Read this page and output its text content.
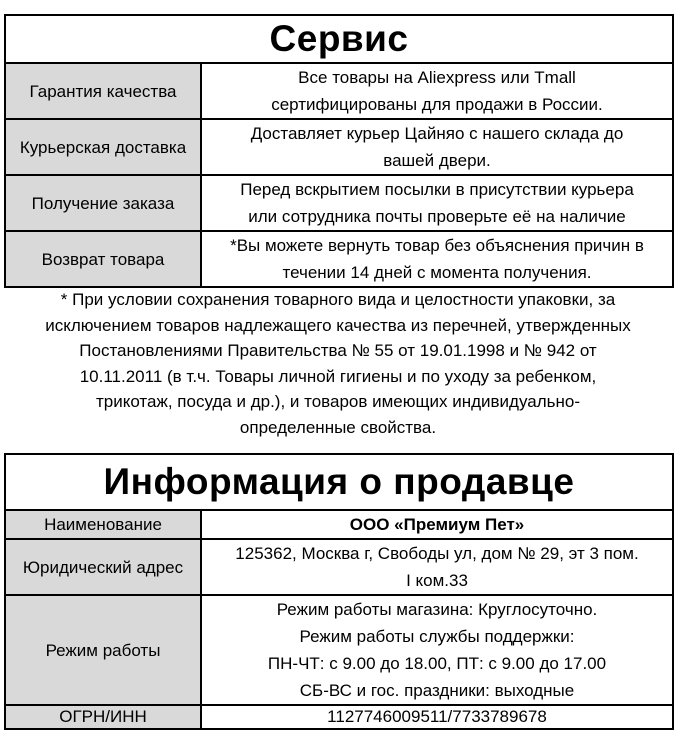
Сервис	
Гарантия качества	Все товары на Aliexpress или Tmall
сертифицированы для продажи в России.

Курьерская доставка	Доставляет курьер Цайняо с нашего склада до
вашей двери.

Получение заказа	Перед вскрытием посылки в присутствии курьера
или сотрудника почты проверьте её на наличие

Возврат товара	*Вы можете вернуть товар без объяснения причин в
течении 14 дней с момента получения.
* При условии сохранения товарного вида и целостности упаковки, за
исключением товаров надлежащего качества из перечней, утвержденных
Постановлениями Правительства № 55 от 19.01.1998 и № 942 от
10.11.2011 (в т.ч. Товары личной гигиены и по уходу за ребенком,
трикотаж, посуда и др.), и товаров имеющих индивидуально-
определенные свойства.
Информация о продавце	
Наименование	ООО «Премиум Пет»

Юридический адрес	125362, Москва г, Свободы ул, дом № 29, эт 3 пом.
I ком.33

Режим работы	Режим работы магазина: Круглосуточно.
Режим работы службы поддержки:
ПН-ЧТ: с 9.00 до 18.00, ПТ: с 9.00 до 17.00
СБ-ВС и гос. праздники: выходные

ОГРН/ИНН	1127746009511/7733789678
